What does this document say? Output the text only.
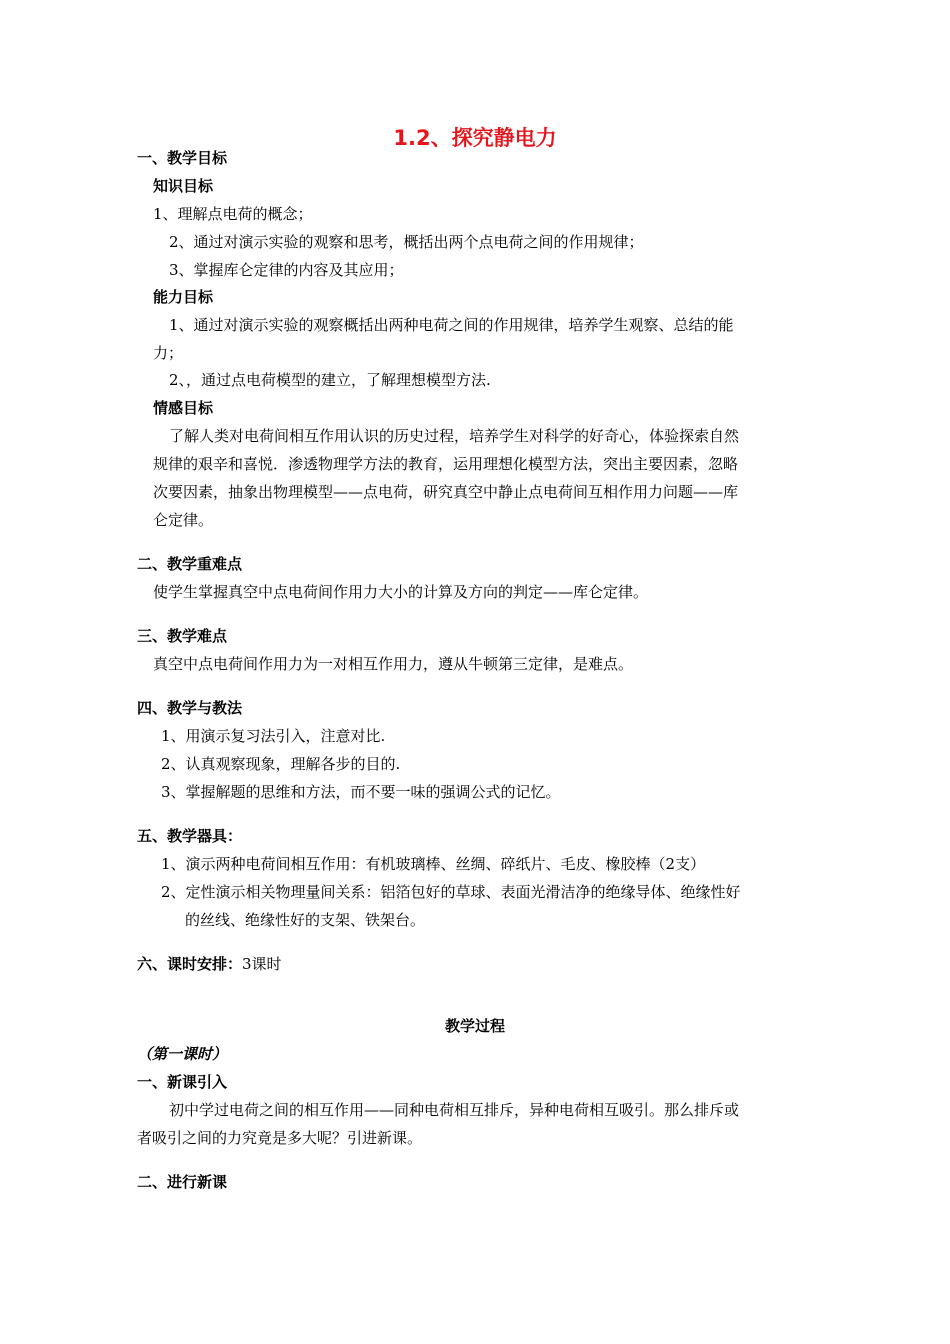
1.2、探究静电力
一、教学目标
知识目标
1、理解点电荷的概念；
2、通过对演示实验的观察和思考，概括出两个点电荷之间的作用规律；
3、掌握库仑定律的内容及其应用；
能力目标
1、通过对演示实验的观察概括出两种电荷之间的作用规律，培养学生观察、总结的能
力；
2、，通过点电荷模型的建立，了解理想模型方法.
情感目标
了解人类对电荷间相互作用认识的历史过程，培养学生对科学的好奇心，体验探索自然
规律的艰辛和喜悦．渗透物理学方法的教育，运用理想化模型方法，突出主要因素，忽略
次要因素，抽象出物理模型——点电荷，研究真空中静止点电荷间互相作用力问题——库
仑定律。
二、教学重难点
使学生掌握真空中点电荷间作用力大小的计算及方向的判定——库仑定律。
三、教学难点
真空中点电荷间作用力为一对相互作用力，遵从牛顿第三定律，是难点。
四、教学与教法
1、用演示复习法引入，注意对比.
2、认真观察现象，理解各步的目的.
3、掌握解题的思维和方法，而不要一味的强调公式的记忆。
五、教学器具：
1、演示两种电荷间相互作用：有机玻璃棒、丝绸、碎纸片、毛皮、橡胶棒（2支）
2、定性演示相关物理量间关系：铝箔包好的草球、表面光滑洁净的绝缘导体、绝缘性好
的丝线、绝缘性好的支架、铁架台。
六、课时安排：3课时
教学过程
（第一课时）
一、新课引入
初中学过电荷之间的相互作用——同种电荷相互排斥，异种电荷相互吸引。那么排斥或
者吸引之间的力究竟是多大呢？引进新课。
二、进行新课
